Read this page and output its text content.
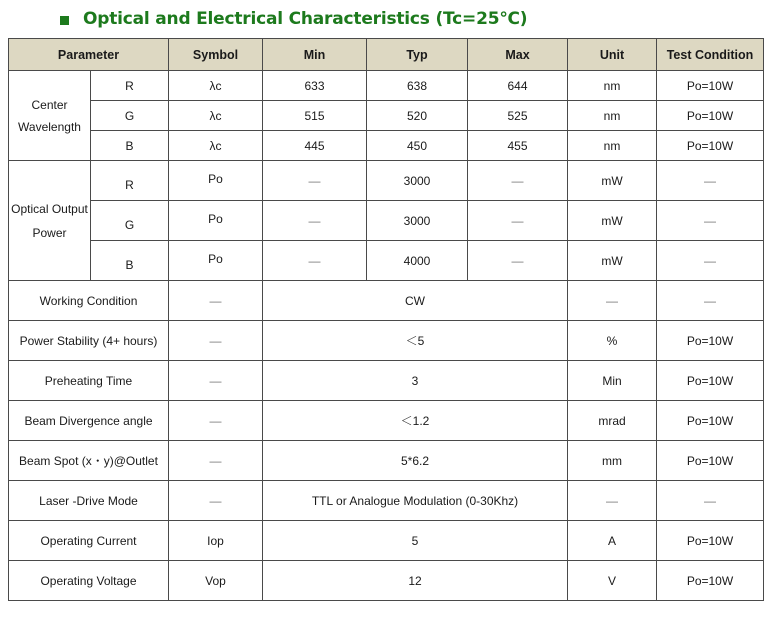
Optical and Electrical Characteristics (Tc=25℃)
Parameter		Symbol	Min	Typ	Max	Unit	Test Condition

Center
Wavelength	R	λc	633	638	644	nm	Po=10W
	G	λc	515	520	525	nm	Po=10W
	B	λc	445	450	455	nm	Po=10W

Optical Output
Power	R	Po	—	3000	—	mW	—
	G	Po	—	3000	—	mW	—
	B	Po	—	4000	—	mW	—
Working Condition		—	CW			—	—
Power Stability (4+ hours)		—	＜5			%	Po=10W
Preheating Time		—	3			Min	Po=10W
Beam Divergence angle		—	＜1.2			mrad	Po=10W
Beam Spot (x・y)@Outlet		—	5*6.2			mm	Po=10W
Laser -Drive Mode		—	TTL or Analogue Modulation (0-30Khz)			—	—
Operating Current		Iop	5			A	Po=10W
Operating Voltage		Vop	12			V	Po=10W
